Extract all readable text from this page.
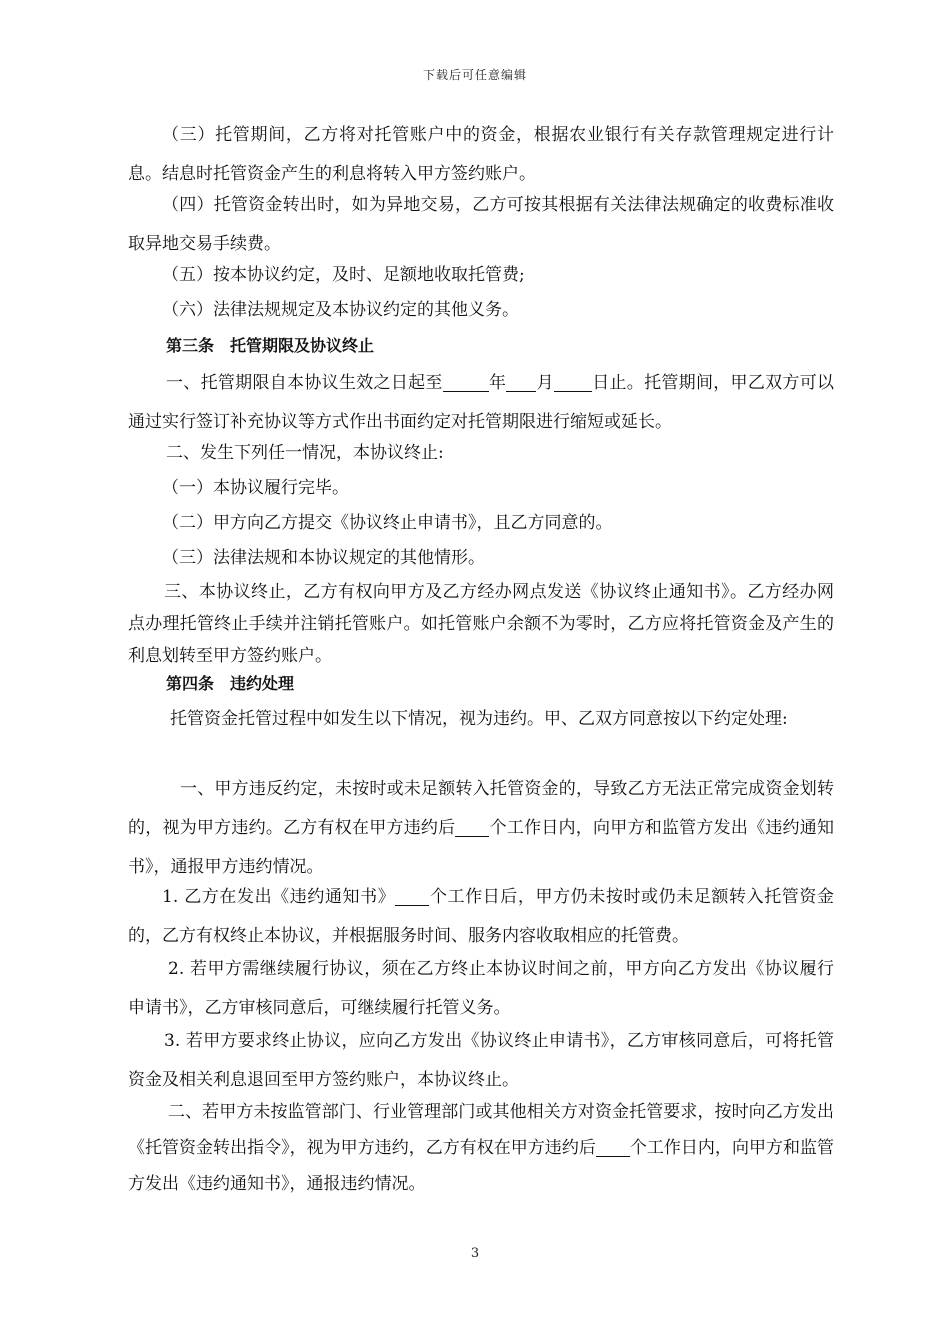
下载后可任意编辑
（三）托管期间，乙方将对托管账户中的资金，根据农业银行有关存款管理规定进行计息。结息时托管资金产生的利息将转入甲方签约账户。
（四）托管资金转出时，如为异地交易，乙方可按其根据有关法律法规确定的收费标准收取异地交易手续费。
（五）按本协议约定，及时、足额地收取托管费;
（六）法律法规规定及本协议约定的其他义务。
第三条　托管期限及协议终止
一、托管期限自本协议生效之日起至	年 月 日止。托管期间，甲乙双方可以通过实行签订补充协议等方式作出书面约定对托管期限进行缩短或延长。
二、发生下列任一情况，本协议终止:
（一）本协议履行完毕。
（二）甲方向乙方提交《协议终止申请书》，且乙方同意的。
（三）法律法规和本协议规定的其他情形。
三、本协议终止，乙方有权向甲方及乙方经办网点发送《协议终止通知书》。乙方经办网点办理托管终止手续并注销托管账户。如托管账户余额不为零时，乙方应将托管资金及产生的利息划转至甲方签约账户。
第四条　违约处理
托管资金托管过程中如发生以下情况，视为违约。甲、乙双方同意按以下约定处理:
一、甲方违反约定，未按时或未足额转入托管资金的，导致乙方无法正常完成资金划转的，视为甲方违约。乙方有权在甲方违约后 个工作日内，向甲方和监管方发出《违约通知书》，通报甲方违约情况。
1. 乙方在发出《违约通知书》 个工作日后，甲方仍未按时或仍未足额转入托管资金的，乙方有权终止本协议，并根据服务时间、服务内容收取相应的托管费。
2. 若甲方需继续履行协议，须在乙方终止本协议时间之前，甲方向乙方发出《协议履行申请书》，乙方审核同意后，可继续履行托管义务。
3. 若甲方要求终止协议，应向乙方发出《协议终止申请书》，乙方审核同意后，可将托管资金及相关利息退回至甲方签约账户，本协议终止。
二、若甲方未按监管部门、行业管理部门或其他相关方对资金托管要求，按时向乙方发出《托管资金转出指令》，视为甲方违约，乙方有权在甲方违约后 个工作日内，向甲方和监管方发出《违约通知书》，通报违约情况。
3
